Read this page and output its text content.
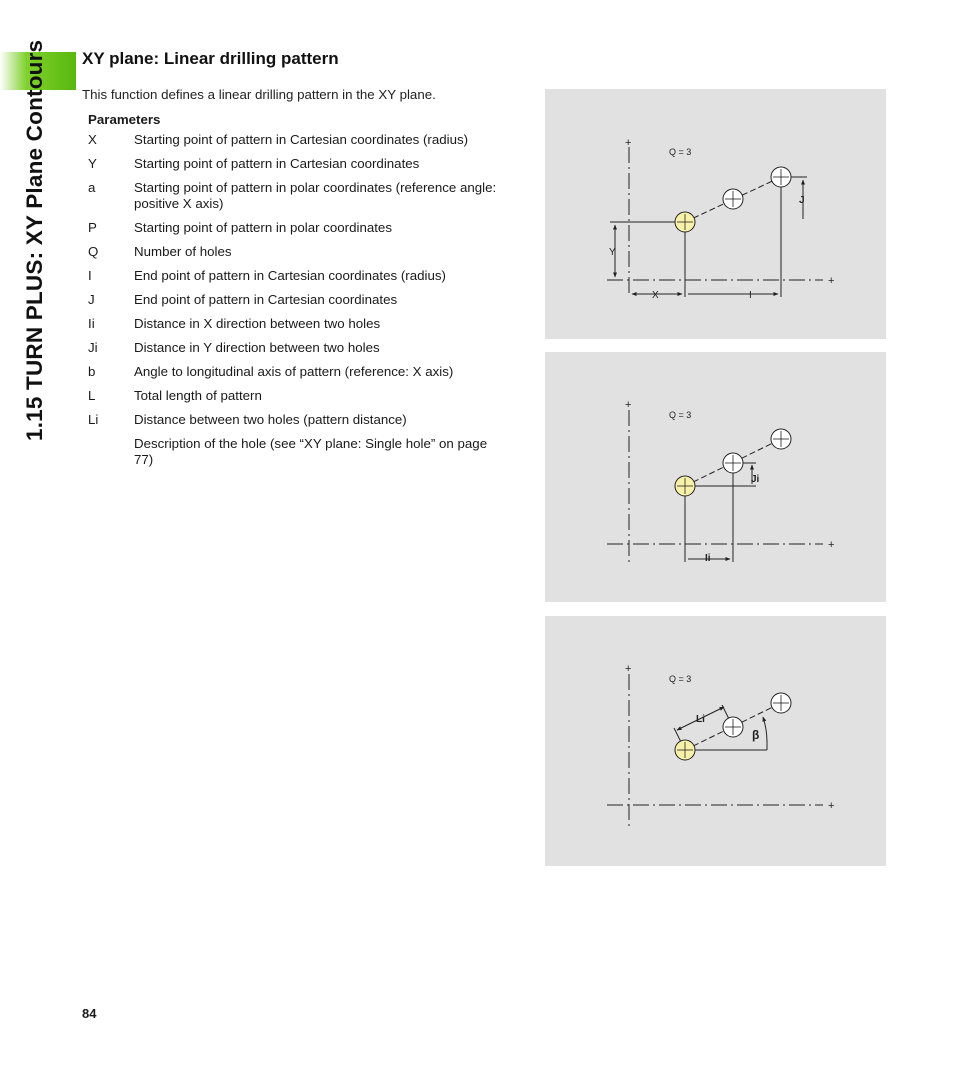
1.15 TURN PLUS: XY Plane Contours	XY plane: Linear drilling pattern

This function defines a linear drilling pattern in the XY plane.

Parameters

X	Starting point of pattern in Cartesian coordinates (radius)
Y	Starting point of pattern in Cartesian coordinates
a	Starting point of pattern in polar coordinates (reference angle: positive X axis)
P	Starting point of pattern in polar coordinates
Q	Number of holes
I	End point of pattern in Cartesian coordinates (radius)
J	End point of pattern in Cartesian coordinates
Ii	Distance in X direction between two holes
Ji	Distance in Y direction between two holes
b	Angle to longitudinal axis of pattern (reference: X axis)
L	Total length of pattern
Li	Distance between two holes (pattern distance)
Description of the hole (see “XY plane: Single hole” on page 77)
+
+
Q = 3
Y
X	I
J
+
+
Q = 3
Ji
Ii
+
+
Q = 3
Li
β

84
